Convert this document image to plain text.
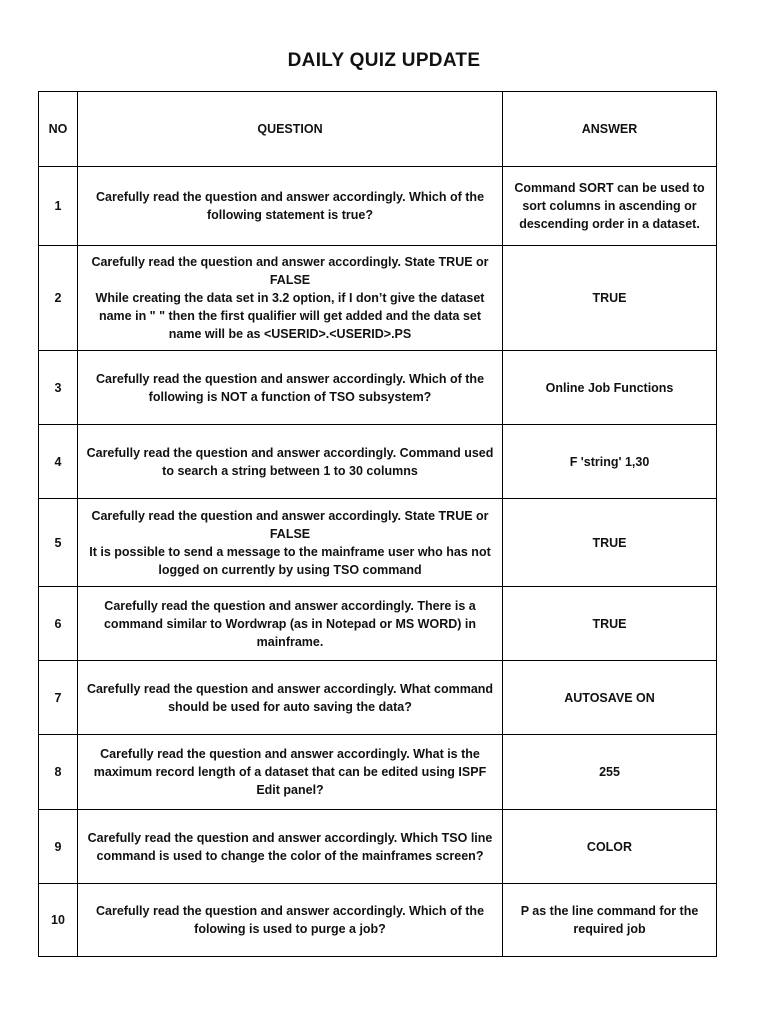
DAILY QUIZ UPDATE
NO	QUESTION	ANSWER
1	Carefully read the question and answer accordingly. Which of the following statement is true?	Command SORT can be used to sort columns in ascending or descending order in a dataset.
2	Carefully read the question and answer accordingly. State TRUE or FALSE
While creating the data set in 3.2 option, if I don’t give the dataset name in " " then the first qualifier will get added and the data set name will be as <USERID>.<USERID>.PS	TRUE
3	Carefully read the question and answer accordingly. Which of the following is NOT a function of TSO subsystem?	Online Job Functions
4	Carefully read the question and answer accordingly. Command used to search a string between 1 to 30 columns	F 'string' 1,30
5	Carefully read the question and answer accordingly. State TRUE or FALSE
It is possible to send a message to the mainframe user who has not logged on currently by using TSO command	TRUE
6	Carefully read the question and answer accordingly. There is a command similar to Wordwrap (as in Notepad or MS WORD) in mainframe.	TRUE
7	Carefully read the question and answer accordingly. What command should be used for auto saving the data?	AUTOSAVE ON
8	Carefully read the question and answer accordingly. What is the maximum record length of a dataset that can be edited using ISPF Edit panel?	255
9	Carefully read the question and answer accordingly. Which TSO line command is used to change the color of the mainframes screen?	COLOR
10	Carefully read the question and answer accordingly. Which of the folowing is used to purge a job?	P as the line command for the required job
